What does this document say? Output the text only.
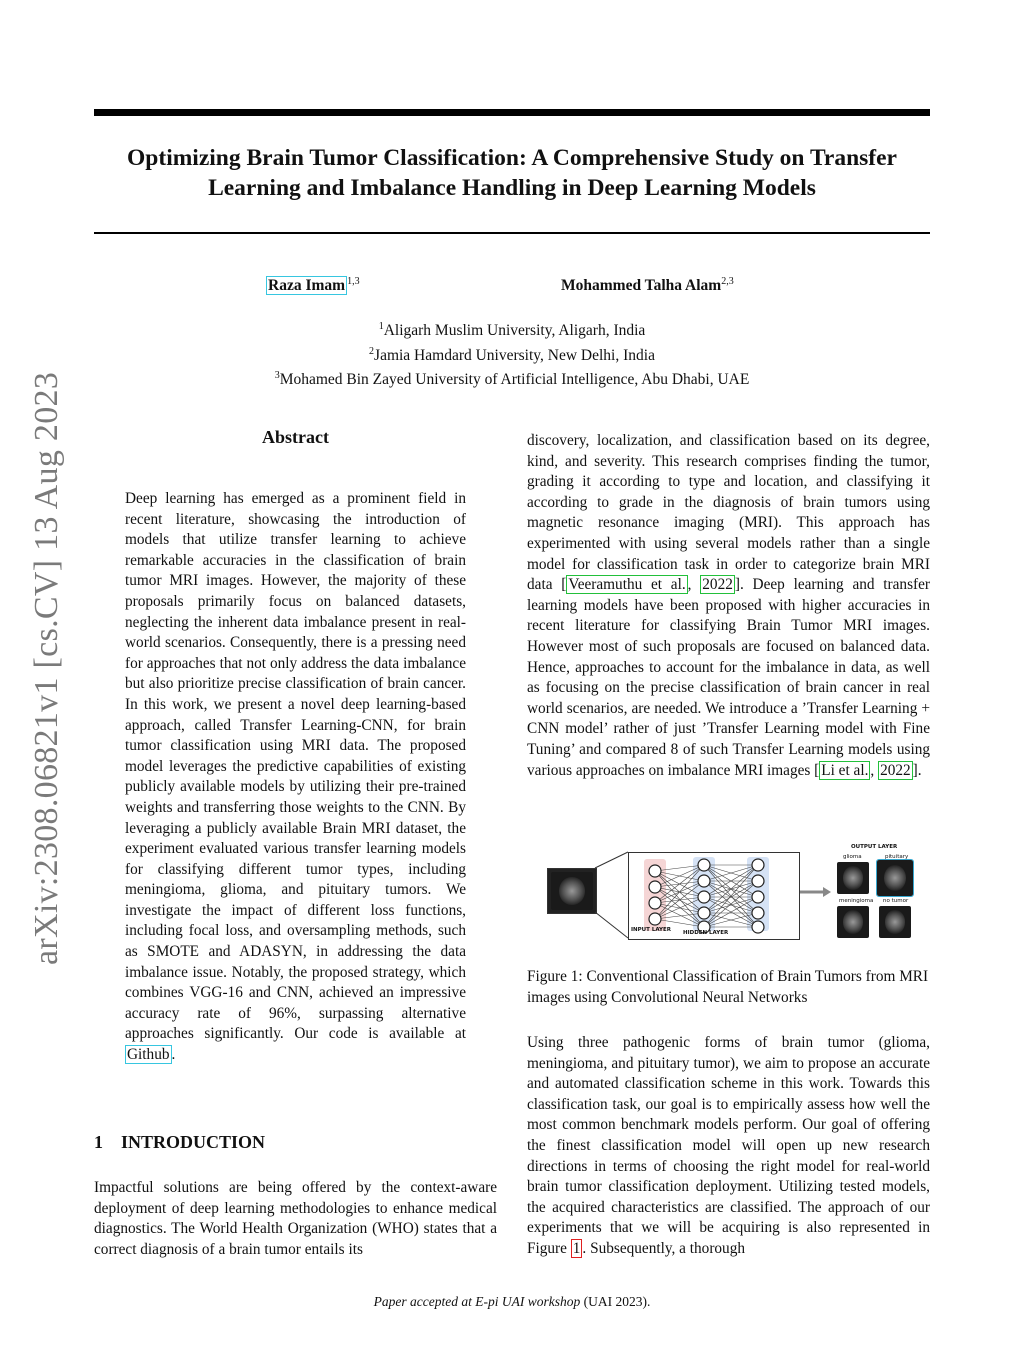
arXiv:2308.06821v1 [cs.CV] 13 Aug 2023
Optimizing Brain Tumor Classification: A Comprehensive Study on Transfer
Learning and Imbalance Handling in Deep Learning Models
Raza Imam $^{1,3}$	Mohammed Talha Alam$^{2,3}$
$^1$Aligarh Muslim University, Aligarh, India
$^2$Jamia Hamdard University, New Delhi, India
$^3$Mohamed Bin Zayed University of Artificial Intelligence, Abu Dhabi, UAE
Abstract
Deep learning has emerged as a prominent field in recent literature, showcasing the introduction of models that utilize transfer learning to achieve remarkable accuracies in the classification of brain tumor MRI images. However, the majority of these proposals primarily focus on balanced datasets, neglecting the inherent data imbalance present in real-world scenarios. Consequently, there is a pressing need for approaches that not only address the data imbalance but also prioritize precise classification of brain cancer. In this work, we present a novel deep learning-based approach, called Transfer Learning-CNN, for brain tumor classification using MRI data. The proposed model leverages the predictive capabilities of existing publicly available models by utilizing their pre-trained weights and transferring those weights to the CNN. By leveraging a publicly available Brain MRI dataset, the experiment evaluated various transfer learning models for classifying different tumor types, including meningioma, glioma, and pituitary tumors. We investigate the impact of different loss functions, including focal loss, and oversampling methods, such as SMOTE and ADASYN, in addressing the data imbalance issue. Notably, the proposed strategy, which combines VGG-16 and CNN, achieved an impressive accuracy rate of 96%, surpassing alternative approaches significantly. Our code is available at Github .
1 INTRODUCTION
Impactful solutions are being offered by the context-aware deployment of deep learning methodologies to enhance medical diagnostics. The World Health Organization (WHO) states that a correct diagnosis of a brain tumor entails its
discovery, localization, and classification based on its degree, kind, and severity. This research comprises finding the tumor, grading it according to type and location, and classifying it according to grade in the diagnosis of brain tumors using magnetic resonance imaging (MRI). This approach has experimented with using several models rather than a single model for classification task in order to categorize brain MRI data [ Veeramuthu et al. , 2022 ]. Deep learning and transfer learning models have been proposed with higher accuracies in recent literature for classifying Brain Tumor MRI images. However most of such proposals are focused on balanced data. Hence, approaches to account for the imbalance in data, as well as focusing on the precise classification of brain cancer in real world scenarios, are needed. We introduce a ’Transfer Learning + CNN model’ rather of just ’Transfer Learning model with Fine Tuning’ and compared 8 of such Transfer Learning models using various approaches on imbalance MRI images [ Li et al. , 2022 ].
INPUT LAYER HIDDEN LAYER
OUTPUT LAYER
glioma	pituitary
meningioma no tumor
Figure 1: Conventional Classification of Brain Tumors from MRI images using Convolutional Neural Networks
Using three pathogenic forms of brain tumor (glioma, meningioma, and pituitary tumor), we aim to propose an accurate and automated classification scheme in this work. Towards this classification task, our goal is to empirically assess how well the most common benchmark models perform. Our goal of offering the finest classification model will open up new research directions in terms of choosing the right model for real-world brain tumor classification deployment. Utilizing tested models, the acquired characteristics are classified. The approach of our experiments that we will be acquiring is also represented in Figure 1 . Subsequently, a thorough
Paper accepted at E-pi UAI workshop (UAI 2023).
